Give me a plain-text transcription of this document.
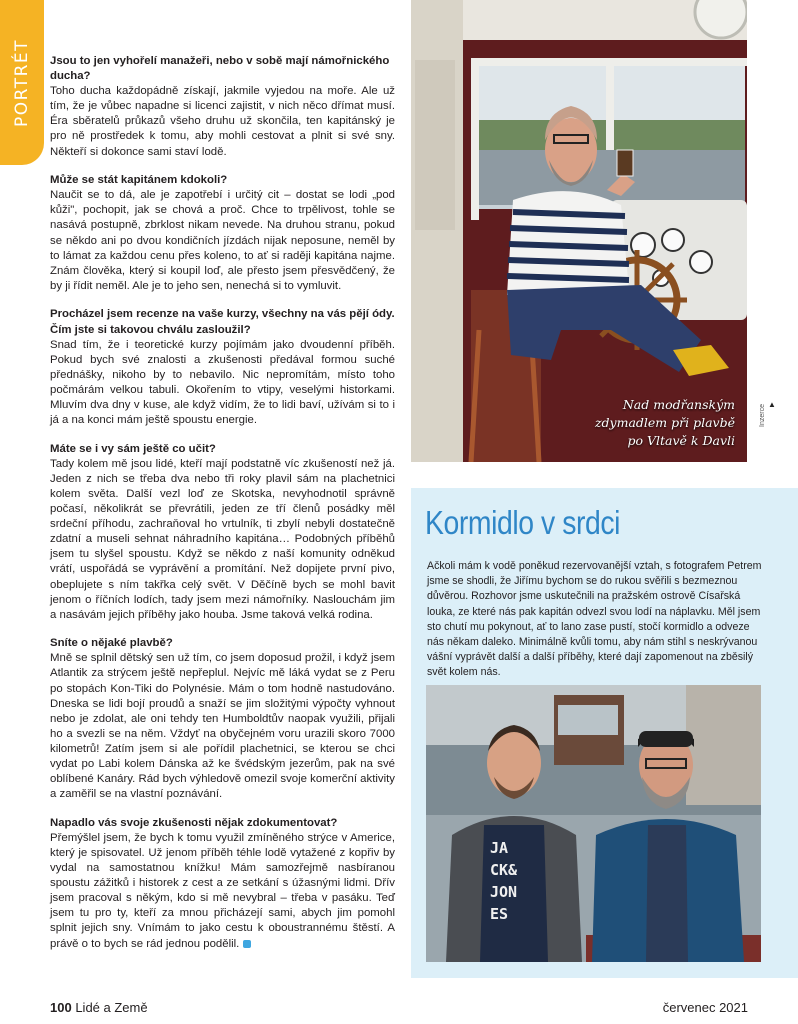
PORTRÉT Jsou to jen vyhořelí manažeři, nebo v sobě mají námořnického ducha?

Toho ducha každopádně získají, jakmile vyjedou na moře. Ale už tím, že je vůbec napadne si licenci zajistit, v nich něco dřímat musí. Éra sběratelů průkazů všeho druhu už skončila, ten kapitánský je pro ně prostředek k tomu, aby mohli cestovat a plnit si své sny. Někteří si dokonce sami staví lodě.

Může se stát kapitánem kdokoli?

Naučit se to dá, ale je zapotřebí i určitý cit – dostat se lodi „pod kůži", pochopit, jak se chová a proč. Chce to trpělivost, tohle se nasává postupně, zbrklost nikam nevede. Na druhou stranu, pokud se někdo ani po dvou kondičních jízdách nijak neposune, neměl by to lámat za každou cenu přes koleno, to ať si raději kapitána najme. Znám člověka, který si koupil loď, ale přesto jsem přesvědčený, že by ji řídit neměl. Ale je to jeho sen, nenechá si to vymluvit.

Procházel jsem recenze na vaše kurzy, všechny na vás pějí ódy. Čím jste si takovou chválu zasloužil?

Snad tím, že i teoretické kurzy pojímám jako dvoudenní příběh. Pokud bych své znalosti a zkušenosti předával formou suché přednášky, nikoho by to nebavilo. Nic nepromítám, místo toho počmárám velkou tabuli. Okořením to vtipy, veselými historkami. Mluvím dva dny v kuse, ale když vidím, že to lidi baví, užívám si to i já a na konci mám ještě spoustu energie.

Máte se i vy sám ještě co učit?

Tady kolem mě jsou lidé, kteří mají podstatně víc zkušeností než já. Jeden z nich se třeba dva nebo tři roky plavil sám na plachetnici kolem světa. Další vezl loď ze Skotska, nevyhodnotil správně počasí, několikrát se převrátili, jeden ze tří členů posádky měl srdeční příhodu, zachraňoval ho vrtulník, ti zbylí nebyli dostatečně zdatní a museli sehnat náhradního kapitána… Podobných příběhů jsem tu slyšel spoustu. Když se někdo z naší komunity odněkud vrátí, uspořádá se vyprávění a promítání. Než dopijete první pivo, obeplujete s ním takřka celý svět. V Děčíně bych se mohl bavit jenom o říčních lodích, tady jsem mezi námořníky. Naslouchám jim a nasávám jejich příběhy jako houba. Jsme taková velká rodina.

Sníte o nějaké plavbě?

Mně se splnil dětský sen už tím, co jsem doposud prožil, i když jsem Atlantik za strýcem ještě nepřeplul. Nejvíc mě láká vydat se z Peru po stopách Kon-Tiki do Polynésie. Mám o tom hodně nastudováno. Dneska se lidi bojí proudů a snaží se jim složitými výpočty vyhnout nebo je zdolat, ale oni tehdy ten Humboldtův naopak využili, přijali ho a svezli se na něm. Vždyť na obyčejném voru urazili skoro 7000 kilometrů! Zatím jsem si ale pořídil plachetnici, se kterou se chci vydat po Labi kolem Dánska až ke švédským jezerům, pak na své oblíbené Kanáry. Rád bych výhledově omezil svoje komerční aktivity a zaměřil se na vlastní poznávání.

Napadlo vás svoje zkušenosti nějak zdokumentovat?

Přemýšlel jsem, že bych k tomu využil zmíněného strýce v Americe, který je spisovatel. Už jenom příběh téhle lodě vytažené z kopřiv by vydal na samostatnou knížku! Mám samozřejmě nasbíranou spoustu zážitků i historek z cest a ze setkání s úžasnými lidmi. Dřív jsem pracoval s někým, kdo si mě nevybral – třeba v pasáku. Teď jsem tu pro ty, kteří za mnou přicházejí sami, abych jim pomohl splnit jejich sny. Vnímám to jako cestu k oboustrannému štěstí. A právě o to bych se rád jednou podělil.

Nad modřanským zdymadlem při plavbě po Vltavě k Davli
▲
Inzerce
Kormidlo v srdci

Ačkoli mám k vodě poněkud rezervovanější vztah, s fotografem Petrem jsme se shodli, že Jiřímu bychom se do rukou svěřili s bezmeznou důvěrou. Rozhovor jsme uskutečnili na pražském ostrově Císařská louka, ze které nás pak kapitán odvezl svou lodí na náplavku. Měl jsem sto chutí mu pokynout, ať to lano zase pustí, stočí kormidlo a odveze nás někam daleko. Minimálně kvůli tomu, aby nám stihl s neskrývanou vášní vyprávět další a další příběhy, které dají zapomenout na zběsilý svět kolem nás.

JA
CK&
JON
ES
100 Lidé a Země	červenec 2021
